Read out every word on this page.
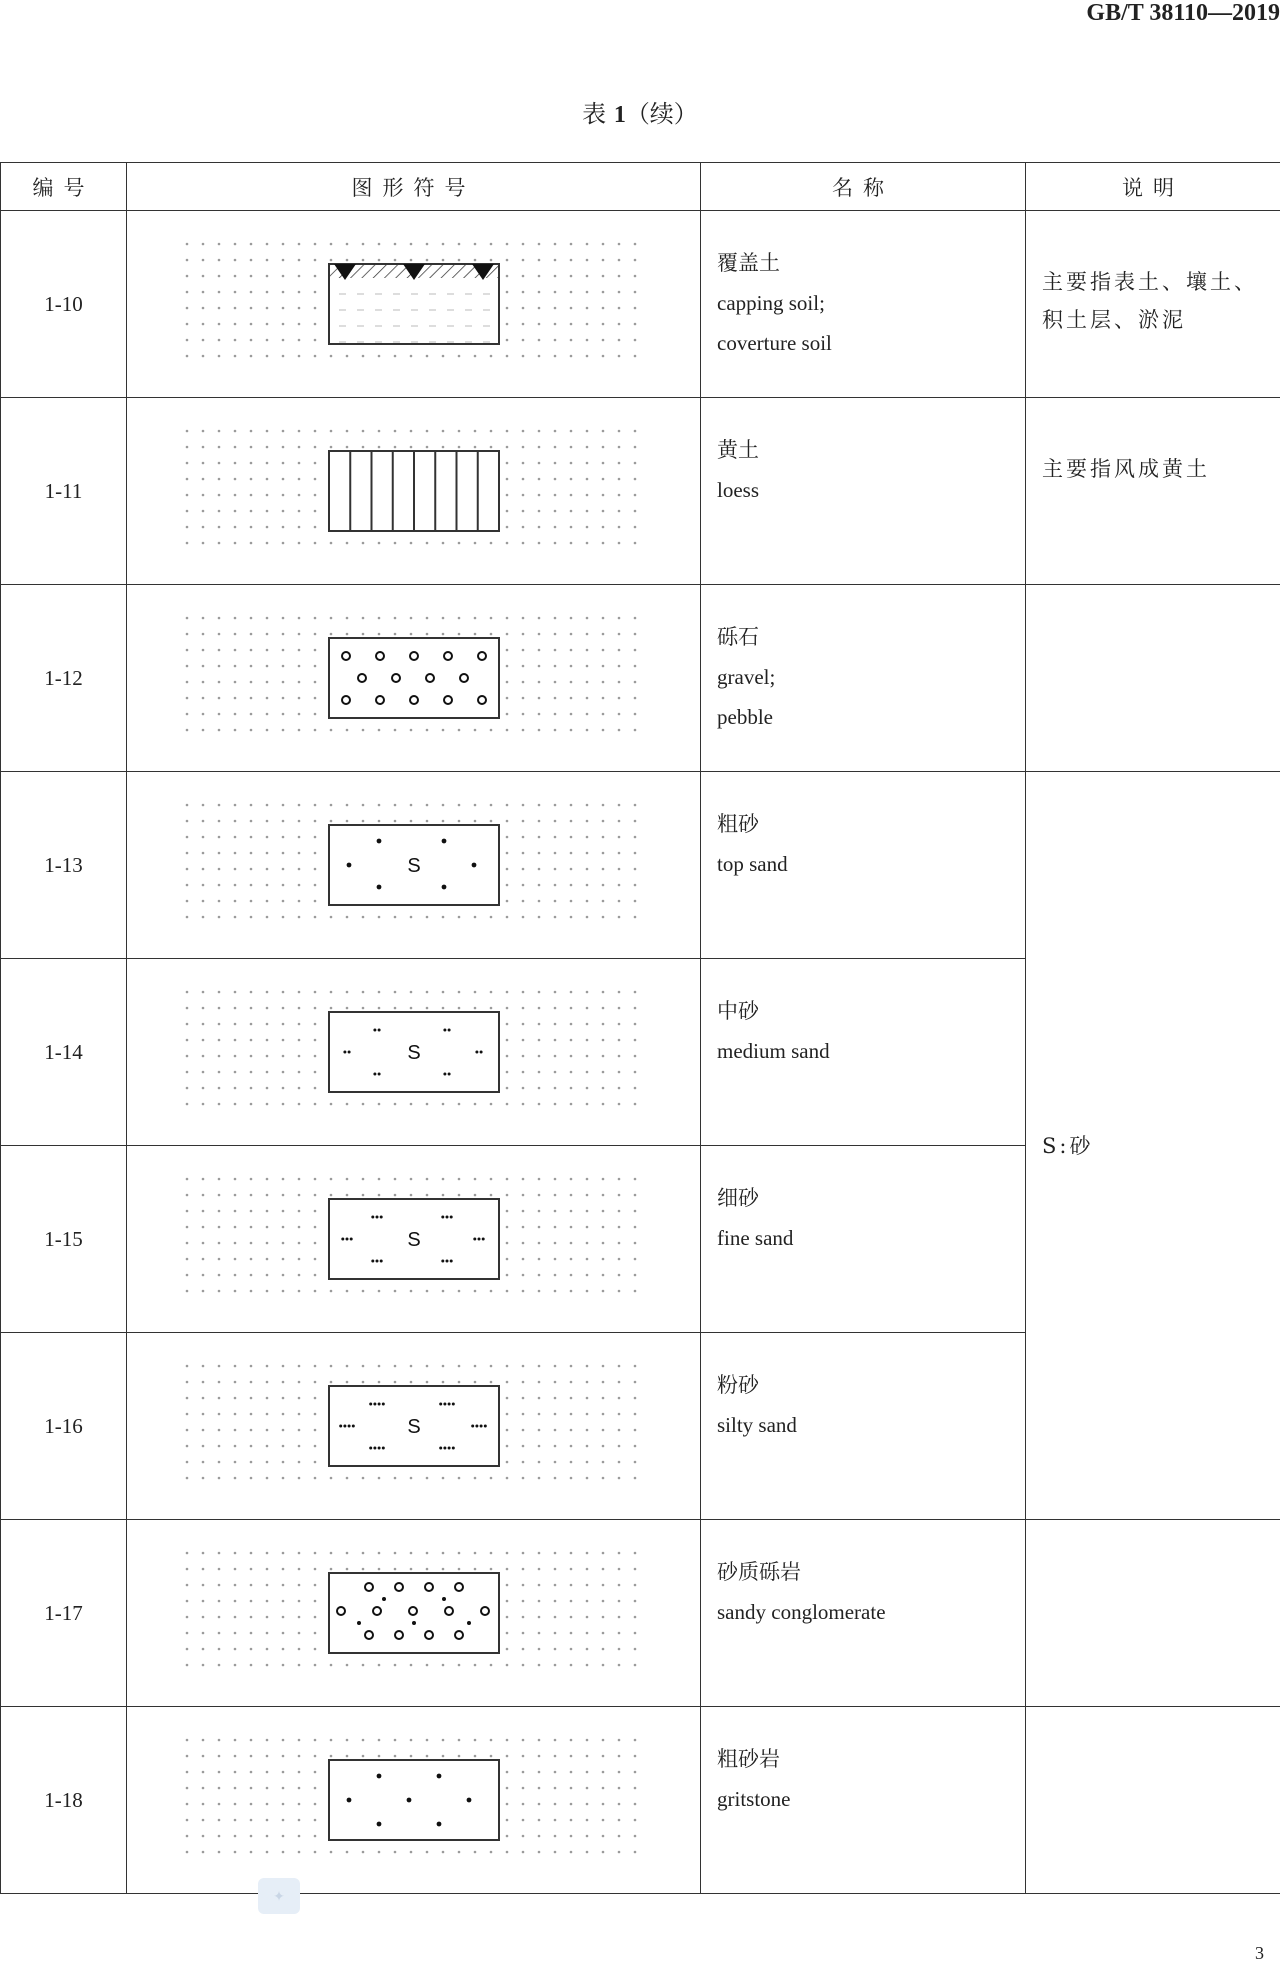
GB/T 38110—2019
表 1（续）
编号	图形符号	名称	说明
1-10		覆盖土
capping soil;
coverture soil	主要指表土、壤土、积土层、淤泥
1-11		黄土
loess	主要指风成黄土
1-12		砾石
gravel;
pebble	

1-13	S	粗砂
top sand	S:砂
1-14	S	中砂
medium sand	

1-15	S	细砂
fine sand	

1-16	S	粉砂
silty sand	

1-17		砂质砾岩
sandy conglomerate	

1-18		粗砂岩
gritstone	

✦
3
